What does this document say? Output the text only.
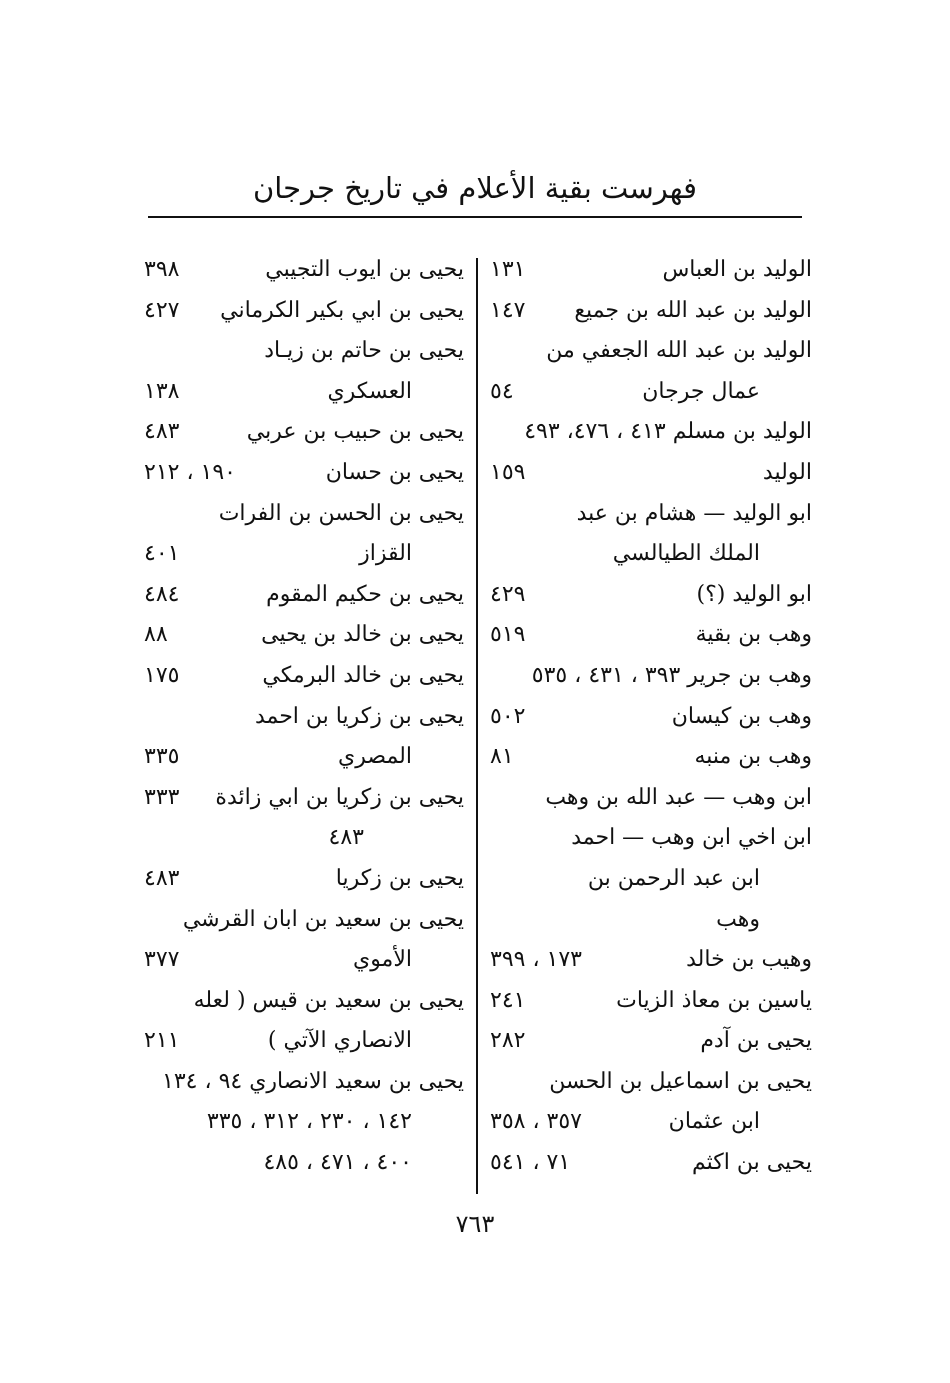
فهرست بقية الأعلام في تاريخ جرجان
الوليد بن العباس
١٣١
الوليد بن عبد الله بن جميع
١٤٧
الوليد بن عبد الله الجعفي من
عمال جرجان
٥٤
الوليد بن مسلم ٤١٣ ، ٤٧٦، ٤٩٣
الوليد
١٥٩
ابو الوليد — هشام بن عبد
الملك الطيالسي
ابو الوليد (؟)
٤٢٩
وهب بن بقية
٥١٩
وهب بن جرير ٣٩٣ ، ٤٣١ ، ٥٣٥
وهب بن كيسان
٥٠٢
وهب بن منبه
٨١
ابن وهب — عبد الله بن وهب
ابن اخي ابن وهب — احمد
ابن عبد الرحمن بن
وهب
وهيب بن خالد
١٧٣ ، ٣٩٩
ياسين بن معاذ الزيات
٢٤١
يحيى بن آدم
٢٨٢
يحيى بن اسماعيل بن الحسن
ابن عثمان
٣٥٧ ، ٣٥٨
يحيى بن اكثم
٧١ ، ٥٤١
يحيى بن ايوب التجيبي
٣٩٨
يحيى بن ابي بكير الكرماني
٤٢٧
يحيى بن حاتم بن زيـاد
العسكري
١٣٨
يحيى بن حبيب بن عربي
٤٨٣
يحيى بن حسان
١٩٠ ، ٢١٢
يحيى بن الحسن بن الفرات
القزاز
٤٠١
يحيى بن حكيم المقوم
٤٨٤
يحيى بن خالد بن يحيى
٨٨
يحيى بن خالد البرمكي
١٧٥
يحيى بن زكريا بن احمد
المصري
٣٣٥
يحيى بن زكريا بن ابي زائدة
٣٣٣
٤٨٣
يحيى بن زكريا
٤٨٣
يحيى بن سعيد بن ابان القرشي
الأموي
٣٧٧
يحيى بن سعيد بن قيس ( لعله
الانصاري الآتي )
٢١١
يحيى بن سعيد الانصاري ٩٤ ، ١٣٤
١٤٢ ، ٢٣٠ ، ٣١٢ ، ٣٣٥
٤٠٠ ، ٤٧١ ، ٤٨٥
٧٦٣
